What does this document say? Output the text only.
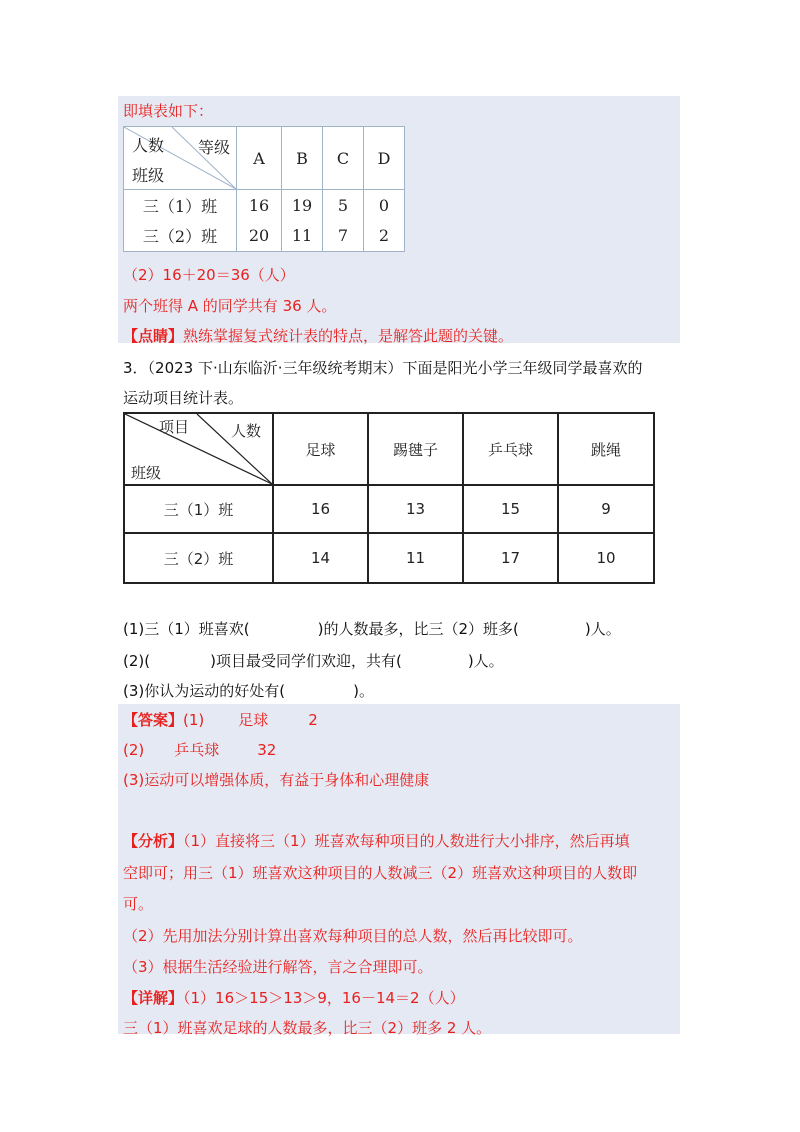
即填表如下：
人数 等级
班级	A	B	C	D
三（1）班	16	19	5	0
三（2）班	20	11	7	2
（2）16＋20＝36（人）
两个班得 A 的同学共有 36 人。
【点睛】熟练掌握复式统计表的特点，是解答此题的关键。
3．（2023 下·山东临沂·三年级统考期末）下面是阳光小学三年级同学最喜欢的
运动项目统计表。
项目 人数
班级	足球	踢毽子	乒乓球	跳绳
三（1）班	16	13	15	9
三（2）班	14	11	17	10
(1)三（1）班喜欢(	)的人数最多，比三（2）班多(	)人。
(2)(	)项目最受同学们欢迎，共有(	)人。
(3)你认为运动的好处有(	)。
【答案】(1) 足球	2
(2) 乒乓球	32
(3)运动可以增强体质，有益于身体和心理健康
【分析】（1）直接将三（1）班喜欢每种项目的人数进行大小排序，然后再填
空即可；用三（1）班喜欢这种项目的人数减三（2）班喜欢这种项目的人数即
可。
（2）先用加法分别计算出喜欢每种项目的总人数，然后再比较即可。
（3）根据生活经验进行解答，言之合理即可。
【详解】（1）16＞15＞13＞9，16－14＝2（人）
三（1）班喜欢足球的人数最多，比三（2）班多 2 人。
